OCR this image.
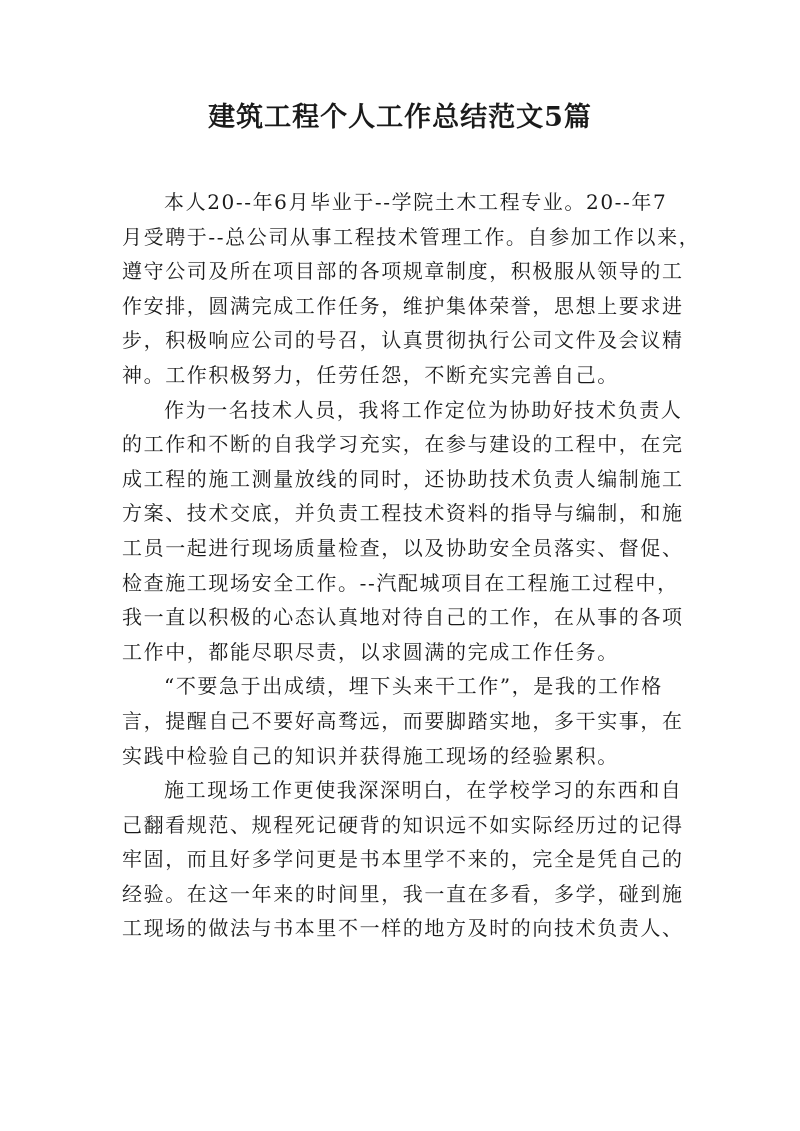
建筑工程个人工作总结范文5篇
本人20--年6月毕业于--学院土木工程专业。20--年7
月受聘于--总公司从事工程技术管理工作。自参加工作以来，
遵守公司及所在项目部的各项规章制度，积极服从领导的工
作安排，圆满完成工作任务，维护集体荣誉，思想上要求进
步，积极响应公司的号召，认真贯彻执行公司文件及会议精
神。工作积极努力，任劳任怨，不断充实完善自己。
作为一名技术人员，我将工作定位为协助好技术负责人
的工作和不断的自我学习充实，在参与建设的工程中，在完
成工程的施工测量放线的同时，还协助技术负责人编制施工
方案、技术交底，并负责工程技术资料的指导与编制，和施
工员一起进行现场质量检查，以及协助安全员落实、督促、
检查施工现场安全工作。--汽配城项目在工程施工过程中，
我一直以积极的心态认真地对待自己的工作，在从事的各项
工作中，都能尽职尽责，以求圆满的完成工作任务。
“不要急于出成绩，埋下头来干工作”，是我的工作格
言，提醒自己不要好高骛远，而要脚踏实地，多干实事，在
实践中检验自己的知识并获得施工现场的经验累积。
施工现场工作更使我深深明白，在学校学习的东西和自
己翻看规范、规程死记硬背的知识远不如实际经历过的记得
牢固，而且好多学问更是书本里学不来的，完全是凭自己的
经验。在这一年来的时间里，我一直在多看，多学，碰到施
工现场的做法与书本里不一样的地方及时的向技术负责人、
